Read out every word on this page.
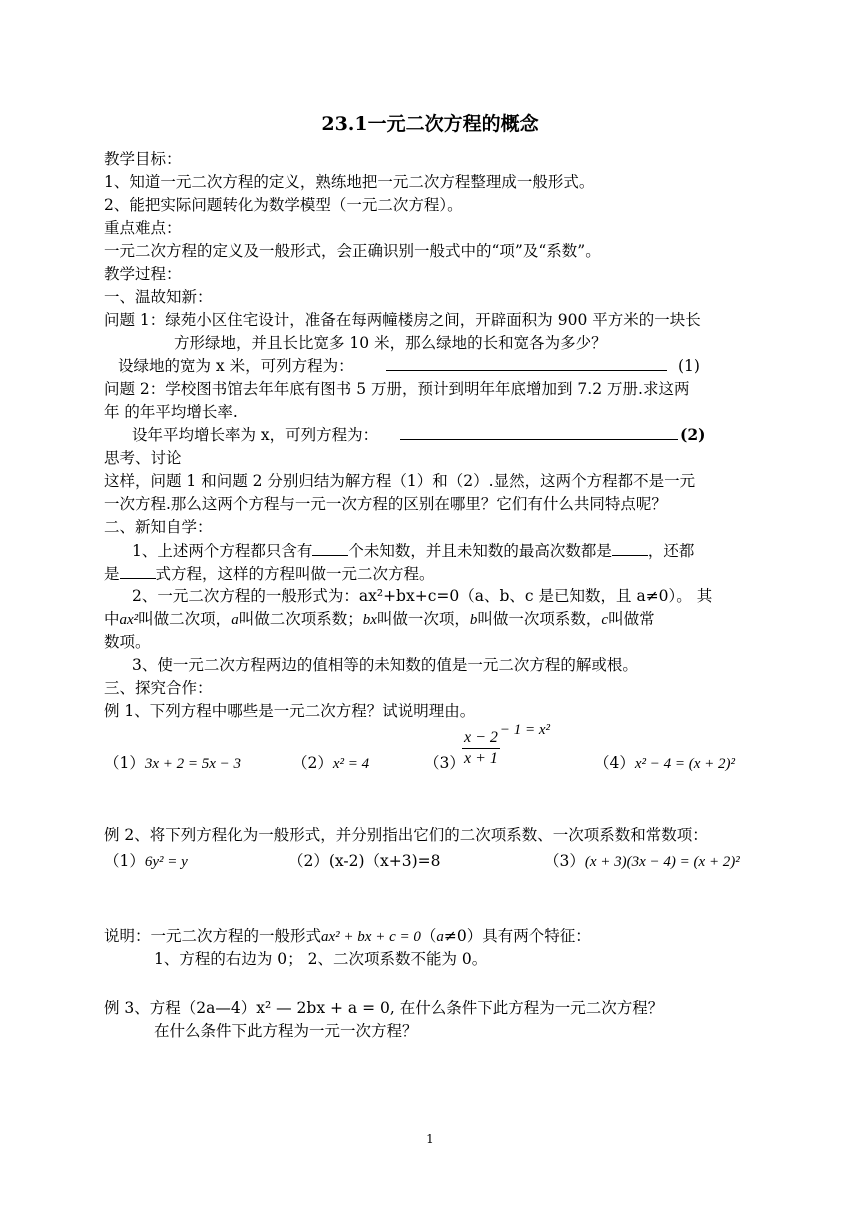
23.1一元二次方程的概念
教学目标：
1、知道一元二次方程的定义，熟练地把一元二次方程整理成一般形式。
2、能把实际问题转化为数学模型（一元二次方程）。
重点难点：
一元二次方程的定义及一般形式，会正确识别一般式中的“项”及“系数”。
教学过程：
一、温故知新：
问题 1：绿苑小区住宅设计，准备在每两幢楼房之间，开辟面积为 900 平方米的一块长
方形绿地，并且长比宽多 10 米，那么绿地的长和宽各为多少？
设绿地的宽为 x 米，可列方程为：	(1)
问题 2：学校图书馆去年年底有图书 5 万册，预计到明年年底增加到 7.2 万册.求这两
年 的年平均增长率.
设年平均增长率为 x，可列方程为：	(2)
思考、讨论
这样，问题 1 和问题 2 分别归结为解方程（1）和（2）.显然，这两个方程都不是一元
一次方程.那么这两个方程与一元一次方程的区别在哪里？它们有什么共同特点呢？
二、新知自学：
1、上述两个方程都只含有 个未知数，并且未知数的最高次数都是 ，还都
是 式方程，这样的方程叫做一元二次方程。
2、一元二次方程的一般形式为：ax²+bx+c=0（a、b、c 是已知数，且 a≠0）。 其
中ax²叫做二次项，a叫做二次项系数；bx叫做一次项，b叫做一次项系数，c叫做常
数项。
3、使一元二次方程两边的值相等的未知数的值是一元二次方程的解或根。
三、探究合作：
例 1、下列方程中哪些是一元二次方程？试说明理由。
（1）3x + 2 = 5x − 3	（2）x² = 4	（3）
$\frac{x - 2}{x + 1} - 1 = x^2$
（4）x² − 4 = (x + 2)²
例 2、将下列方程化为一般形式，并分别指出它们的二次项系数、一次项系数和常数项：
（1）6y² = y	（2）(x-2)（x+3)=8	（3）(x + 3)(3x − 4) = (x + 2)²
说明：一元二次方程的一般形式ax² + bx + c = 0（a≠0）具有两个特征：
1、方程的右边为 0； 2、二次项系数不能为 0。
例 3、方程（2a—4）x² — 2bx + a = 0, 在什么条件下此方程为一元二次方程？
在什么条件下此方程为一元一次方程？
1
